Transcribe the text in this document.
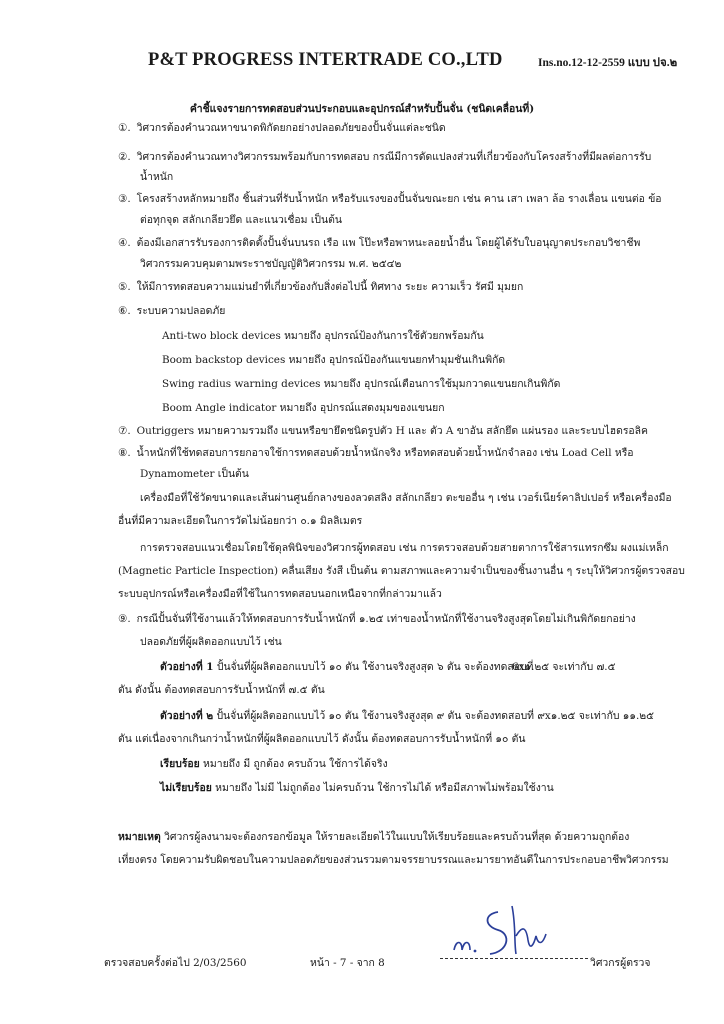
P&T PROGRESS INTERTRADE CO.,LTD	Ins.no.12-12-2559 แบบ ปจ.๒
คำชี้แจงรายการทดสอบส่วนประกอบและอุปกรณ์สำหรับปั้นจั่น (ชนิดเคลื่อนที่)
①. วิศวกรต้องคำนวณหาขนาดพิกัดยกอย่างปลอดภัยของปั้นจั่นแต่ละชนิด
②. วิศวกรต้องคำนวณทางวิศวกรรมพร้อมกับการทดสอบ กรณีมีการดัดแปลงส่วนที่เกี่ยวข้องกับโครงสร้างที่มีผลต่อการรับ
น้ำหนัก
③. โครงสร้างหลักหมายถึง ชิ้นส่วนที่รับน้ำหนัก หรือรับแรงของปั้นจั่นขณะยก เช่น คาน เสา เพลา ล้อ รางเลื่อน แขนต่อ ข้อ
ต่อทุกจุด สลักเกลียวยึด และแนวเชื่อม เป็นต้น
④. ต้องมีเอกสารรับรองการติดตั้งปั้นจั่นบนรถ เรือ แพ โป๊ะหรือพาหนะลอยน้ำอื่น โดยผู้ได้รับใบอนุญาตประกอบวิชาชีพ
วิศวกรรมควบคุมตามพระราชบัญญัติวิศวกรรม พ.ศ. ๒๕๔๒
⑤. ให้มีการทดสอบความแม่นยำที่เกี่ยวข้องกับสิ่งต่อไปนี้ ทิศทาง ระยะ ความเร็ว รัศมี มุมยก
⑥. ระบบความปลอดภัย
Anti-two block devices หมายถึง อุปกรณ์ป้องกันการใช้ตัวยกพร้อมกัน
Boom backstop devices หมายถึง อุปกรณ์ป้องกันแขนยกทำมุมชันเกินพิกัด
Swing radius warning devices หมายถึง อุปกรณ์เตือนการใช้มุมกวาดแขนยกเกินพิกัด
Boom Angle indicator หมายถึง อุปกรณ์แสดงมุมของแขนยก
⑦. Outriggers หมายความรวมถึง แขนหรือขายึดชนิดรูปตัว H และ ตัว A ขาอัน สลักยึด แผ่นรอง และระบบไฮดรอลิค
⑧. น้ำหนักที่ใช้ทดสอบการยกอาจใช้การทดสอบด้วยน้ำหนักจริง หรือทดสอบด้วยน้ำหนักจำลอง เช่น Load Cell หรือ
Dynamometer เป็นต้น
เครื่องมือที่ใช้วัดขนาดและเส้นผ่านศูนย์กลางของลวดสลิง สลักเกลียว ตะขออื่น ๆ เช่น เวอร์เนียร์คาลิปเปอร์ หรือเครื่องมือ
อื่นที่มีความละเอียดในการวัดไม่น้อยกว่า ๐.๑ มิลลิเมตร
การตรวจสอบแนวเชื่อมโดยใช้ดุลพินิจของวิศวกรผู้ทดสอบ เช่น การตรวจสอบด้วยสายตาการใช้สารแทรกซึม ผงแม่เหล็ก
(Magnetic Particle Inspection) คลื่นเสียง รังสี เป็นต้น ตามสภาพและความจำเป็นของชิ้นงานอื่น ๆ ระบุให้วิศวกรผู้ตรวจสอบ
ระบบอุปกรณ์หรือเครื่องมือที่ใช้ในการทดสอบนอกเหนือจากที่กล่าวมาแล้ว
⑨. กรณีปั้นจั่นที่ใช้งานแล้วให้ทดสอบการรับน้ำหนักที่ ๑.๒๕ เท่าของน้ำหนักที่ใช้งานจริงสูงสุดโดยไม่เกินพิกัดยกอย่าง
ปลอดภัยที่ผู้ผลิตออกแบบไว้ เช่น
ตัวอย่างที่ 1 ปั้นจั่นที่ผู้ผลิตออกแบบไว้ ๑๐ ตัน ใช้งานจริงสูงสุด ๖ ตัน จะต้องทดสอบที่
6x๑.๒๕ จะเท่ากับ ๗.๕
ตัน ดังนั้น ต้องทดสอบการรับน้ำหนักที่ ๗.๕ ตัน
ตัวอย่างที่ ๒ ปั้นจั่นที่ผู้ผลิตออกแบบไว้ ๑๐ ตัน ใช้งานจริงสูงสุด ๙ ตัน จะต้องทดสอบที่ ๙x๑.๒๕ จะเท่ากับ ๑๑.๒๕
ตัน แต่เนื่องจากเกินกว่าน้ำหนักที่ผู้ผลิตออกแบบไว้ ดังนั้น ต้องทดสอบการรับน้ำหนักที่ ๑๐ ตัน
เรียบร้อย หมายถึง มี ถูกต้อง ครบถ้วน ใช้การได้จริง
ไม่เรียบร้อย หมายถึง ไม่มี ไม่ถูกต้อง ไม่ครบถ้วน ใช้การไม่ได้ หรือมีสภาพไม่พร้อมใช้งาน
หมายเหตุ วิศวกรผู้ลงนามจะต้องกรอกข้อมูล ให้รายละเอียดไว้ในแบบให้เรียบร้อยและครบถ้วนที่สุด ด้วยความถูกต้อง
เที่ยงตรง โดยความรับผิดชอบในความปลอดภัยของส่วนรวมตามจรรยาบรรณและมารยาทอันดีในการประกอบอาชีพวิศวกรรม
ตรวจสอบครั้งต่อไป 2/03/2560	หน้า - 7 - จาก 8	วิศวกรผู้ตรวจ
